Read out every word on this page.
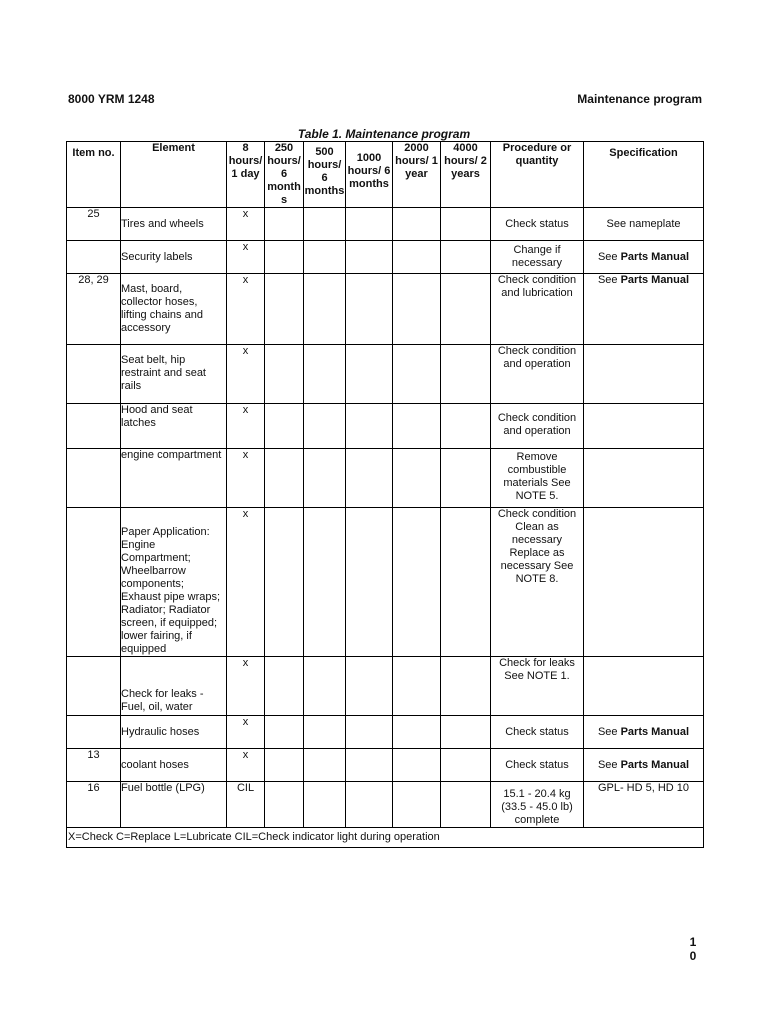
8000 YRM 1248	Maintenance program
Table 1. Maintenance program
Item no.	Element	8 hours/ 1 day	250 hours/ 6 month s	500 hours/ 6 months	1000 hours/ 6 months	2000 hours/ 1 year	4000 hours/ 2 years	Procedure or quantity	Specification
25	Tires and wheels	x						Check status	See nameplate
	Security labels	x						Change if necessary	See Parts Manual
28, 29	Mast, board, collector hoses, lifting chains and accessory	x						Check condition and lubrication	See Parts Manual
	Seat belt, hip restraint and seat rails	x						Check condition and operation	
	Hood and seat latches	x						Check condition and operation	
	engine compartment	x						Remove combustible materials See NOTE 5.	
	Paper Application: Engine Compartment; Wheelbarrow components; Exhaust pipe wraps; Radiator; Radiator screen, if equipped; lower fairing, if equipped	x						Check condition Clean as necessary Replace as necessary See NOTE 8.	
	Check for leaks - Fuel, oil, water	x						Check for leaks See NOTE 1.	
	Hydraulic hoses	x						Check status	See Parts Manual
13	coolant hoses	x						Check status	See Parts Manual
16	Fuel bottle (LPG)	CIL						15.1 - 20.4 kg (33.5 - 45.0 lb) complete	GPL- HD 5, HD 10
X=Check C=Replace L=Lubricate CIL=Check indicator light during operation									
1
0
